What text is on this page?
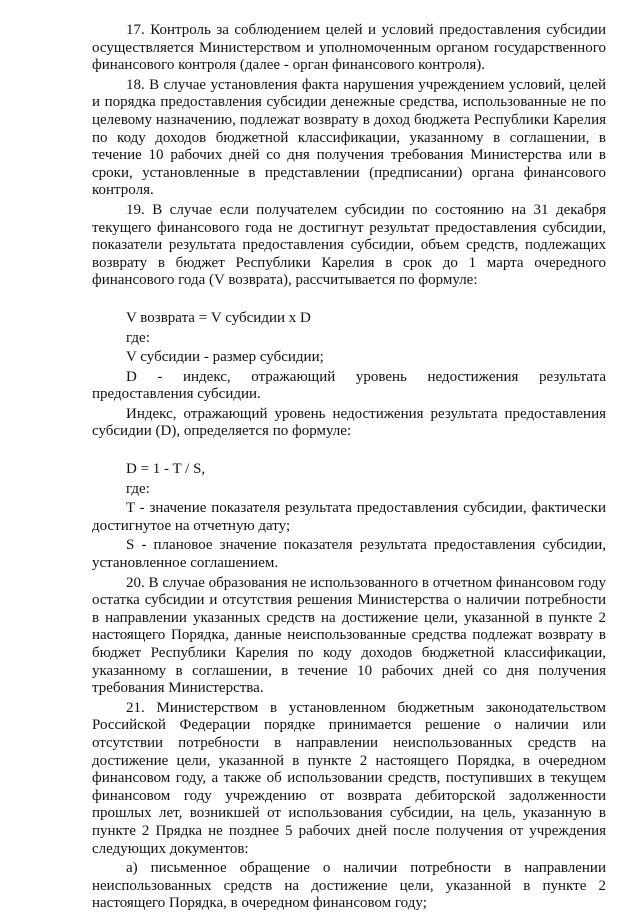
17. Контроль за соблюдением целей и условий предоставления субсидии осуществляется Министерством и уполномоченным органом государственного финансового контроля (далее - орган финансового контроля).

18. В случае установления факта нарушения учреждением условий, целей и порядка предоставления субсидии денежные средства, использованные не по целевому назначению, подлежат возврату в доход бюджета Республики Карелия по коду доходов бюджетной классификации, указанному в соглашении, в течение 10 рабочих дней со дня получения требования Министерства или в сроки, установленные в представлении (предписании) органа финансового контроля.

19. В случае если получателем субсидии по состоянию на 31 декабря текущего финансового года не достигнут результат предоставления субсидии, показатели результата предоставления субсидии, объем средств, подлежащих возврату в бюджет Республики Карелия в срок до 1 марта очередного финансового года (V возврата), рассчитывается по формуле:

V возврата = V субсидии x D

где:

V субсидии - размер субсидии;

D - индекс, отражающий уровень недостижения результата предоставления субсидии.

Индекс, отражающий уровень недостижения результата предоставления субсидии (D), определяется по формуле:

D = 1 - T / S,

где:

T - значение показателя результата предоставления субсидии, фактически достигнутое на отчетную дату;

S - плановое значение показателя результата предоставления субсидии, установленное соглашением.

20. В случае образования не использованного в отчетном финансовом году остатка субсидии и отсутствия решения Министерства о наличии потребности в направлении указанных средств на достижение цели, указанной в пункте 2 настоящего Порядка, данные неиспользованные средства подлежат возврату в бюджет Республики Карелия по коду доходов бюджетной классификации, указанному в соглашении, в течение 10 рабочих дней со дня получения требования Министерства.

21. Министерством в установленном бюджетным законодательством Российской Федерации порядке принимается решение о наличии или отсутствии потребности в направлении неиспользованных средств на достижение цели, указанной в пункте 2 настоящего Порядка, в очередном финансовом году, а также об использовании средств, поступивших в текущем финансовом году учреждению от возврата дебиторской задолженности прошлых лет, возникшей от использования субсидии, на цель, указанную в пункте 2 Прядка не позднее 5 рабочих дней после получения от учреждения следующих документов:

а) письменное обращение о наличии потребности в направлении неиспользованных средств на достижение цели, указанной в пункте 2 настоящего Порядка, в очередном финансовом году;
